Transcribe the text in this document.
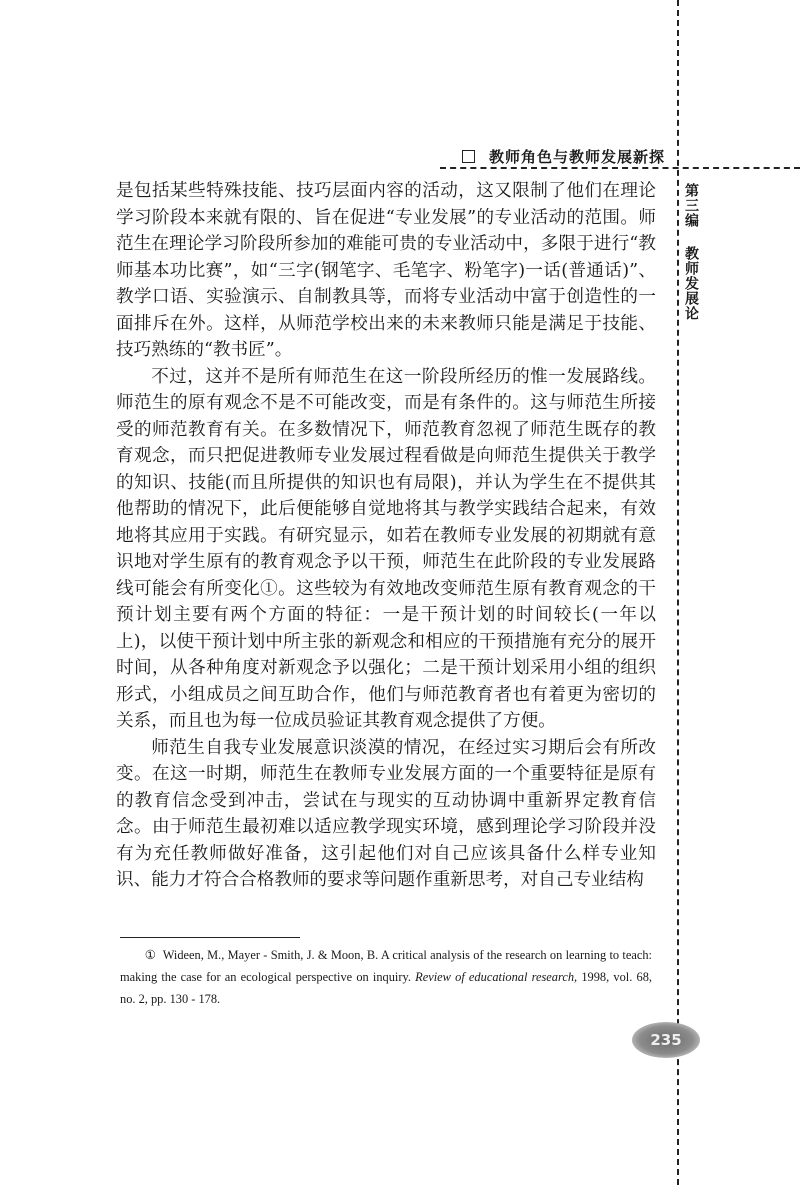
教师角色与教师发展新探
第三编教师发展论

是包括某些特殊技能、技巧层面内容的活动，这又限制了他们在理论学习阶段本来就有限的、旨在促进“专业发展”的专业活动的范围。师范生在理论学习阶段所参加的难能可贵的专业活动中，多限于进行“教师基本功比赛”，如“三字(钢笔字、毛笔字、粉笔字)一话(普通话)”、教学口语、实验演示、自制教具等，而将专业活动中富于创造性的一面排斥在外。这样，从师范学校出来的未来教师只能是满足于技能、技巧熟练的“教书匠”。

不过，这并不是所有师范生在这一阶段所经历的惟一发展路线。师范生的原有观念不是不可能改变，而是有条件的。这与师范生所接受的师范教育有关。在多数情况下，师范教育忽视了师范生既存的教育观念，而只把促进教师专业发展过程看做是向师范生提供关于教学的知识、技能(而且所提供的知识也有局限)，并认为学生在不提供其他帮助的情况下，此后便能够自觉地将其与教学实践结合起来，有效地将其应用于实践。有研究显示，如若在教师专业发展的初期就有意识地对学生原有的教育观念予以干预，师范生在此阶段的专业发展路线可能会有所变化①。这些较为有效地改变师范生原有教育观念的干预计划主要有两个方面的特征：一是干预计划的时间较长(一年以上)，以使干预计划中所主张的新观念和相应的干预措施有充分的展开时间，从各种角度对新观念予以强化；二是干预计划采用小组的组织形式，小组成员之间互助合作，他们与师范教育者也有着更为密切的关系，而且也为每一位成员验证其教育观念提供了方便。

师范生自我专业发展意识淡漠的情况，在经过实习期后会有所改变。在这一时期，师范生在教师专业发展方面的一个重要特征是原有的教育信念受到冲击，尝试在与现实的互动协调中重新界定教育信念。由于师范生最初难以适应教学现实环境，感到理论学习阶段并没有为充任教师做好准备，这引起他们对自己应该具备什么样专业知识、能力才符合合格教师的要求等问题作重新思考，对自己专业结构

① Wideen, M., Mayer - Smith, J. & Moon, B. A critical analysis of the research on learning to teach: making the case for an ecological perspective on inquiry. Review of educational research, 1998, vol. 68, no. 2, pp. 130 - 178.
235
